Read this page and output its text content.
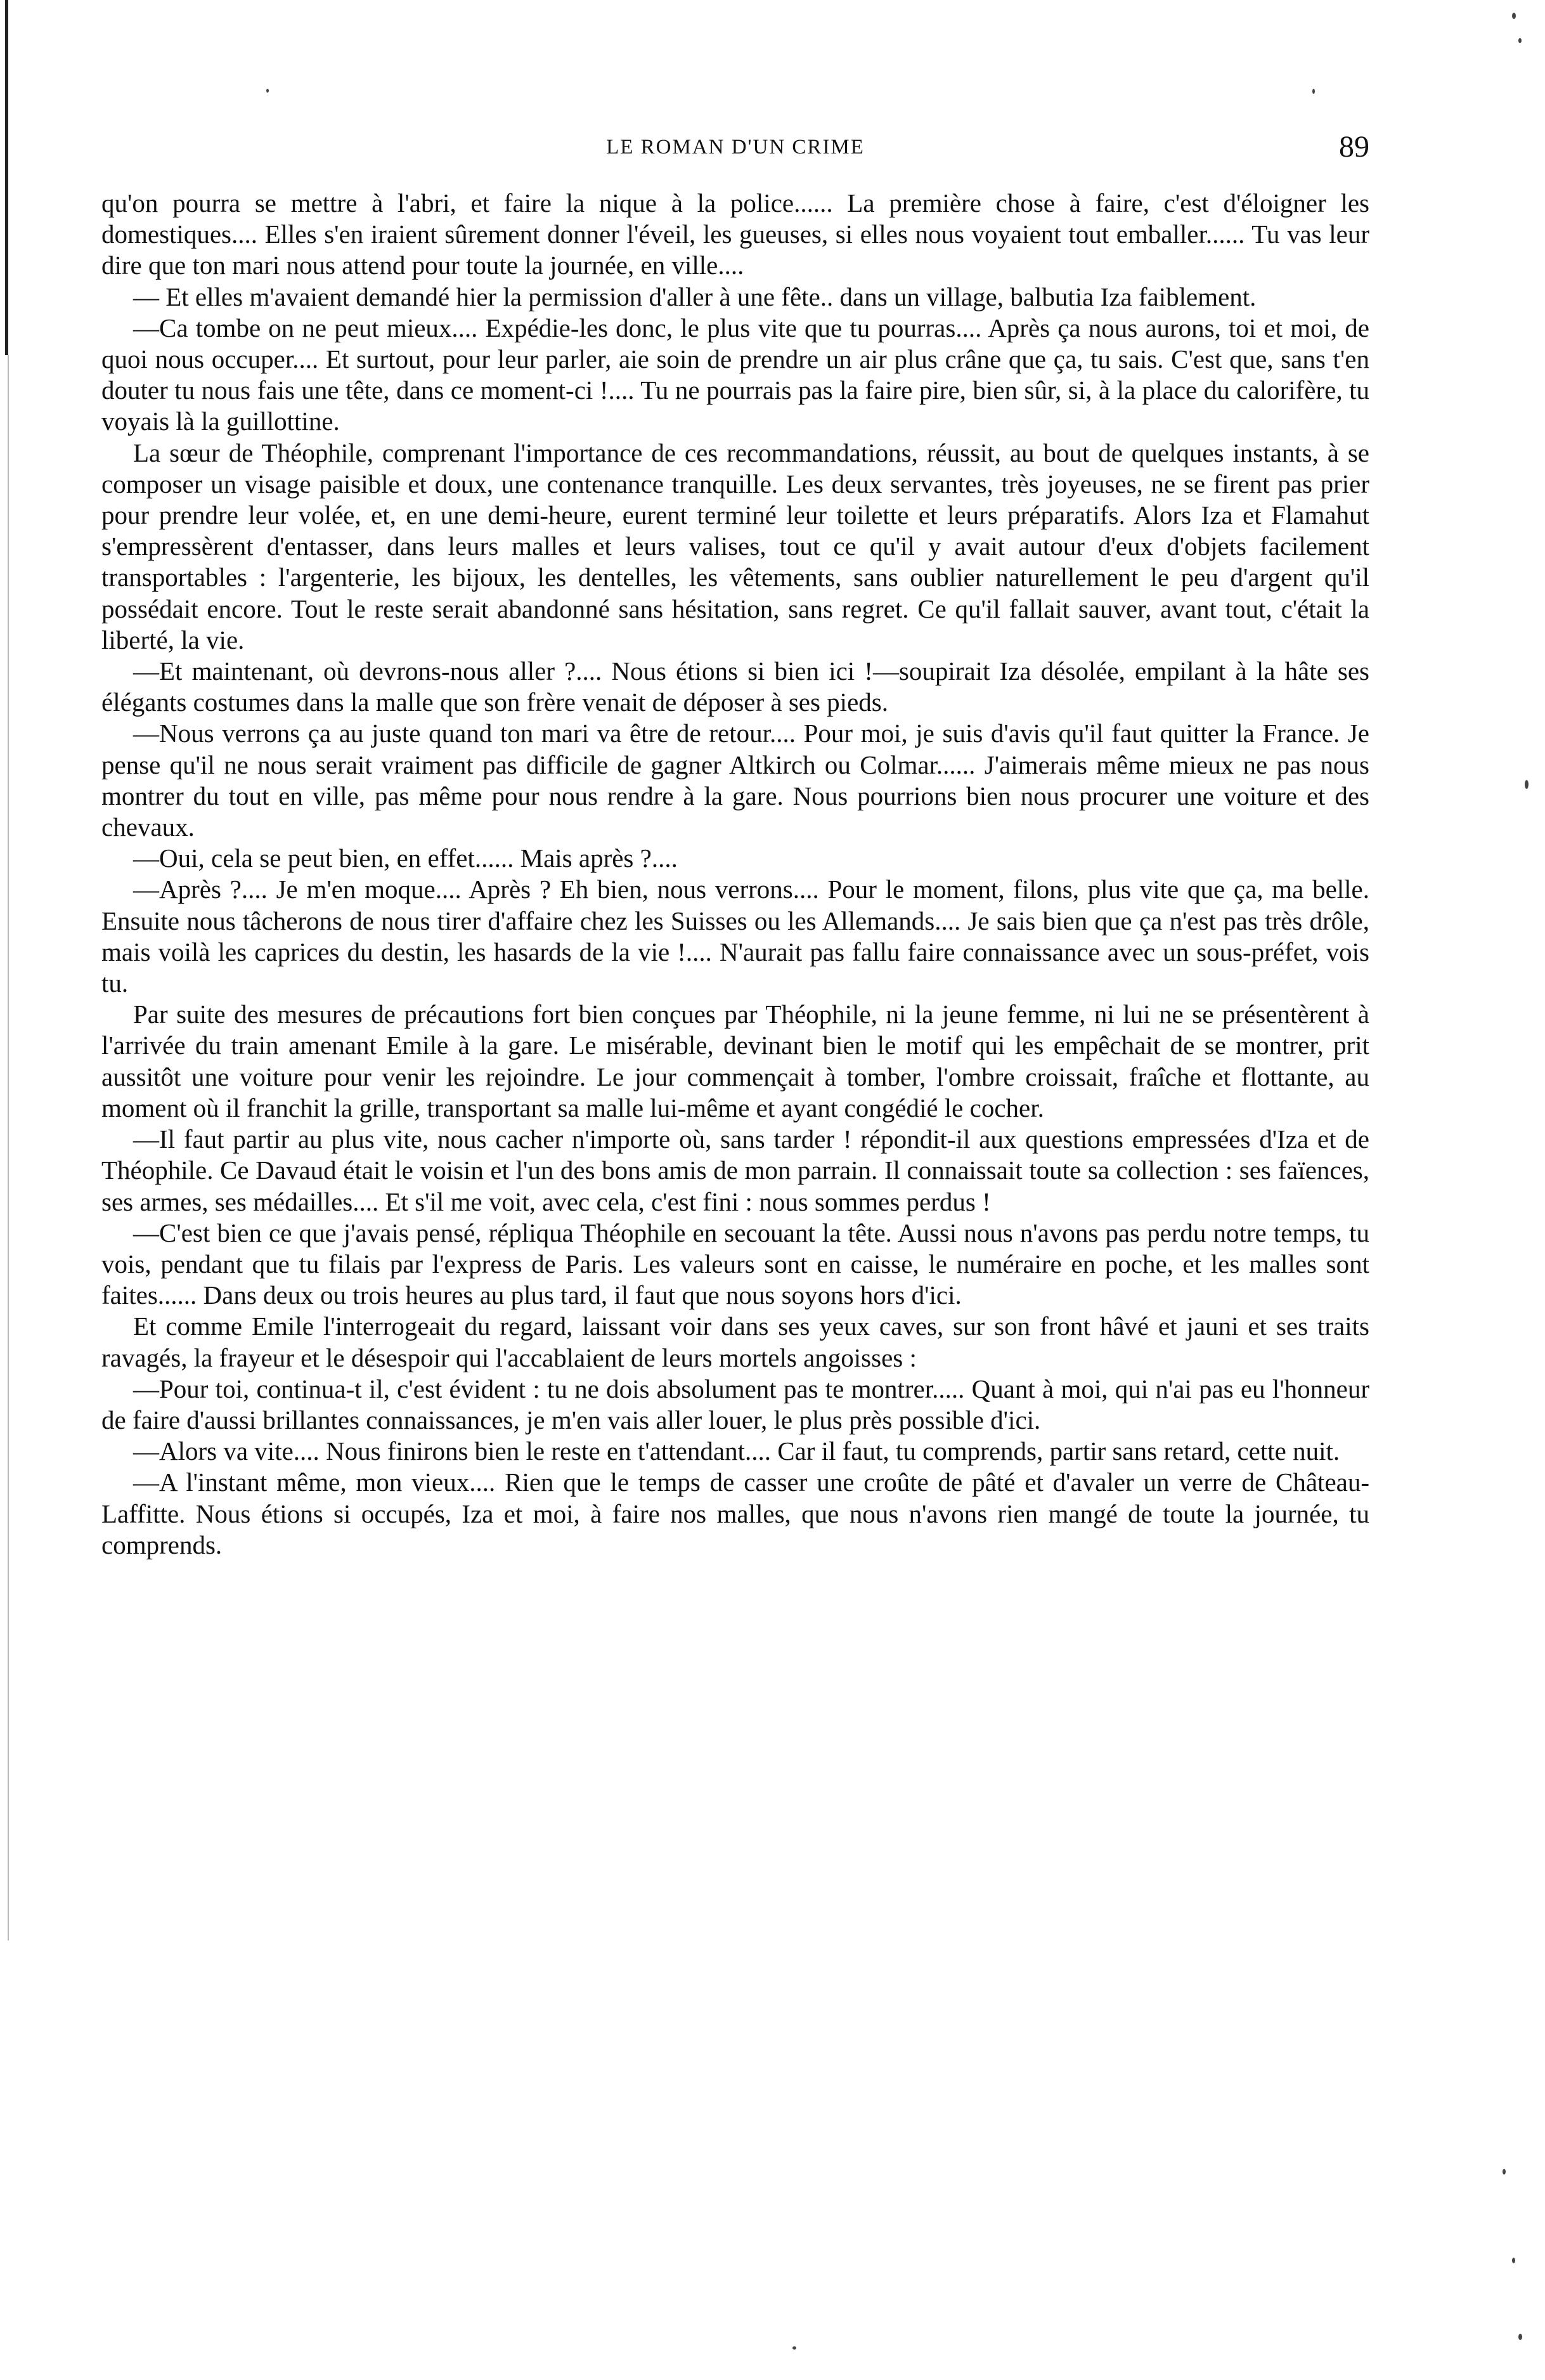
LE ROMAN D'UN CRIME	89

qu'on pourra se mettre à l'abri, et faire la nique à la police...... La première chose à faire, c'est d'éloigner les domestiques.... Elles s'en iraient sûrement donner l'éveil, les gueuses, si elles nous voyaient tout emballer...... Tu vas leur dire que ton mari nous attend pour toute la journée, en ville....

— Et elles m'avaient demandé hier la permission d'aller à une fête.. dans un village, balbutia Iza faiblement.

—Ca tombe on ne peut mieux.... Expédie-les donc, le plus vite que tu pourras.... Après ça nous aurons, toi et moi, de quoi nous occuper.... Et surtout, pour leur parler, aie soin de prendre un air plus crâne que ça, tu sais. C'est que, sans t'en douter tu nous fais une tête, dans ce moment-ci !.... Tu ne pourrais pas la faire pire, bien sûr, si, à la place du calorifère, tu voyais là la guillottine.

La sœur de Théophile, comprenant l'importance de ces recommandations, réussit, au bout de quelques instants, à se composer un visage paisible et doux, une contenance tranquille. Les deux servantes, très joyeuses, ne se firent pas prier pour prendre leur volée, et, en une demi-heure, eurent terminé leur toilette et leurs préparatifs. Alors Iza et Flamahut s'empressèrent d'entasser, dans leurs malles et leurs valises, tout ce qu'il y avait autour d'eux d'objets facilement transportables : l'argenterie, les bijoux, les dentelles, les vêtements, sans oublier naturellement le peu d'argent qu'il possédait encore. Tout le reste serait abandonné sans hésitation, sans regret. Ce qu'il fallait sauver, avant tout, c'était la liberté, la vie.

—Et maintenant, où devrons-nous aller ?.... Nous étions si bien ici !—soupirait Iza désolée, empilant à la hâte ses élégants costumes dans la malle que son frère venait de déposer à ses pieds.

—Nous verrons ça au juste quand ton mari va être de retour.... Pour moi, je suis d'avis qu'il faut quitter la France. Je pense qu'il ne nous serait vraiment pas difficile de gagner Altkirch ou Colmar...... J'aimerais même mieux ne pas nous montrer du tout en ville, pas même pour nous rendre à la gare. Nous pourrions bien nous procurer une voiture et des chevaux.

—Oui, cela se peut bien, en effet...... Mais après ?....

—Après ?.... Je m'en moque.... Après ? Eh bien, nous verrons.... Pour le moment, filons, plus vite que ça, ma belle. Ensuite nous tâcherons de nous tirer d'affaire chez les Suisses ou les Allemands.... Je sais bien que ça n'est pas très drôle, mais voilà les caprices du destin, les hasards de la vie !.... N'aurait pas fallu faire connaissance avec un sous-préfet, vois tu.

Par suite des mesures de précautions fort bien conçues par Théophile, ni la jeune femme, ni lui ne se présentèrent à l'arrivée du train amenant Emile à la gare. Le misérable, devinant bien le motif qui les empêchait de se montrer, prit aussitôt une voiture pour venir les rejoindre. Le jour commençait à tomber, l'ombre croissait, fraîche et flottante, au moment où il franchit la grille, transportant sa malle lui-même et ayant congédié le cocher.

—Il faut partir au plus vite, nous cacher n'importe où, sans tarder ! répondit-il aux questions empressées d'Iza et de Théophile. Ce Davaud était le voisin et l'un des bons amis de mon parrain. Il connaissait toute sa collection : ses faïences, ses armes, ses médailles.... Et s'il me voit, avec cela, c'est fini : nous sommes perdus !

—C'est bien ce que j'avais pensé, répliqua Théophile en secouant la tête. Aussi nous n'avons pas perdu notre temps, tu vois, pendant que tu filais par l'express de Paris. Les valeurs sont en caisse, le numéraire en poche, et les malles sont faites...... Dans deux ou trois heures au plus tard, il faut que nous soyons hors d'ici.

Et comme Emile l'interrogeait du regard, laissant voir dans ses yeux caves, sur son front hâvé et jauni et ses traits ravagés, la frayeur et le désespoir qui l'accablaient de leurs mortels angoisses :

—Pour toi, continua-t il, c'est évident : tu ne dois absolument pas te montrer..... Quant à moi, qui n'ai pas eu l'honneur de faire d'aussi brillantes connaissances, je m'en vais aller louer, le plus près possible d'ici.

—Alors va vite.... Nous finirons bien le reste en t'attendant.... Car il faut, tu comprends, partir sans retard, cette nuit.

—A l'instant même, mon vieux.... Rien que le temps de casser une croûte de pâté et d'avaler un verre de Château-Laffitte. Nous étions si occupés, Iza et moi, à faire nos malles, que nous n'avons rien mangé de toute la journée, tu comprends.
